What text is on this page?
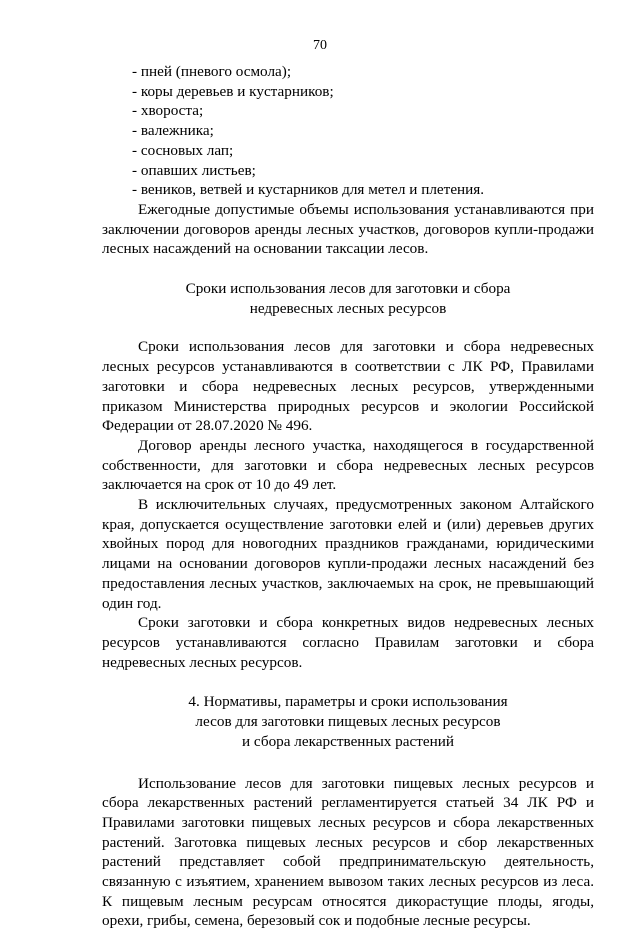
70

- пней (пневого осмола);

- коры деревьев и кустарников;

- хвороста;

- валежника;

- сосновых лап;

- опавших листьев;

- веников, ветвей и кустарников для метел и плетения.

Ежегодные допустимые объемы использования устанавливаются при заключении договоров аренды лесных участков, договоров купли-продажи лесных насаждений на основании таксации лесов.

Сроки использования лесов для заготовки и сбора

недревесных лесных ресурсов

Сроки использования лесов для заготовки и сбора недревесных лесных ресурсов устанавливаются в соответствии с ЛК РФ, Правилами заготовки и сбора недревесных лесных ресурсов, утвержденными приказом Министерства природных ресурсов и экологии Российской Федерации от 28.07.2020 № 496.

Договор аренды лесного участка, находящегося в государственной собственности, для заготовки и сбора недревесных лесных ресурсов заключается на срок от 10 до 49 лет.

В исключительных случаях, предусмотренных законом Алтайского края, допускается осуществление заготовки елей и (или) деревьев других хвойных пород для новогодних праздников гражданами, юридическими лицами на основании договоров купли-продажи лесных насаждений без предоставления лесных участков, заключаемых на срок, не превышающий один год.

Сроки заготовки и сбора конкретных видов недревесных лесных ресурсов устанавливаются согласно Правилам заготовки и сбора недревесных лесных ресурсов.

4. Нормативы, параметры и сроки использования

лесов для заготовки пищевых лесных ресурсов

и сбора лекарственных растений

Использование лесов для заготовки пищевых лесных ресурсов и сбора лекарственных растений регламентируется статьей 34 ЛК РФ и Правилами заготовки пищевых лесных ресурсов и сбора лекарственных растений. Заготовка пищевых лесных ресурсов и сбор лекарственных растений представляет собой предпринимательскую деятельность, связанную с изъятием, хранением вывозом таких лесных ресурсов из леса. К пищевым лесным ресурсам относятся дикорастущие плоды, ягоды, орехи, грибы, семена, березовый сок и подобные лесные ресурсы.
